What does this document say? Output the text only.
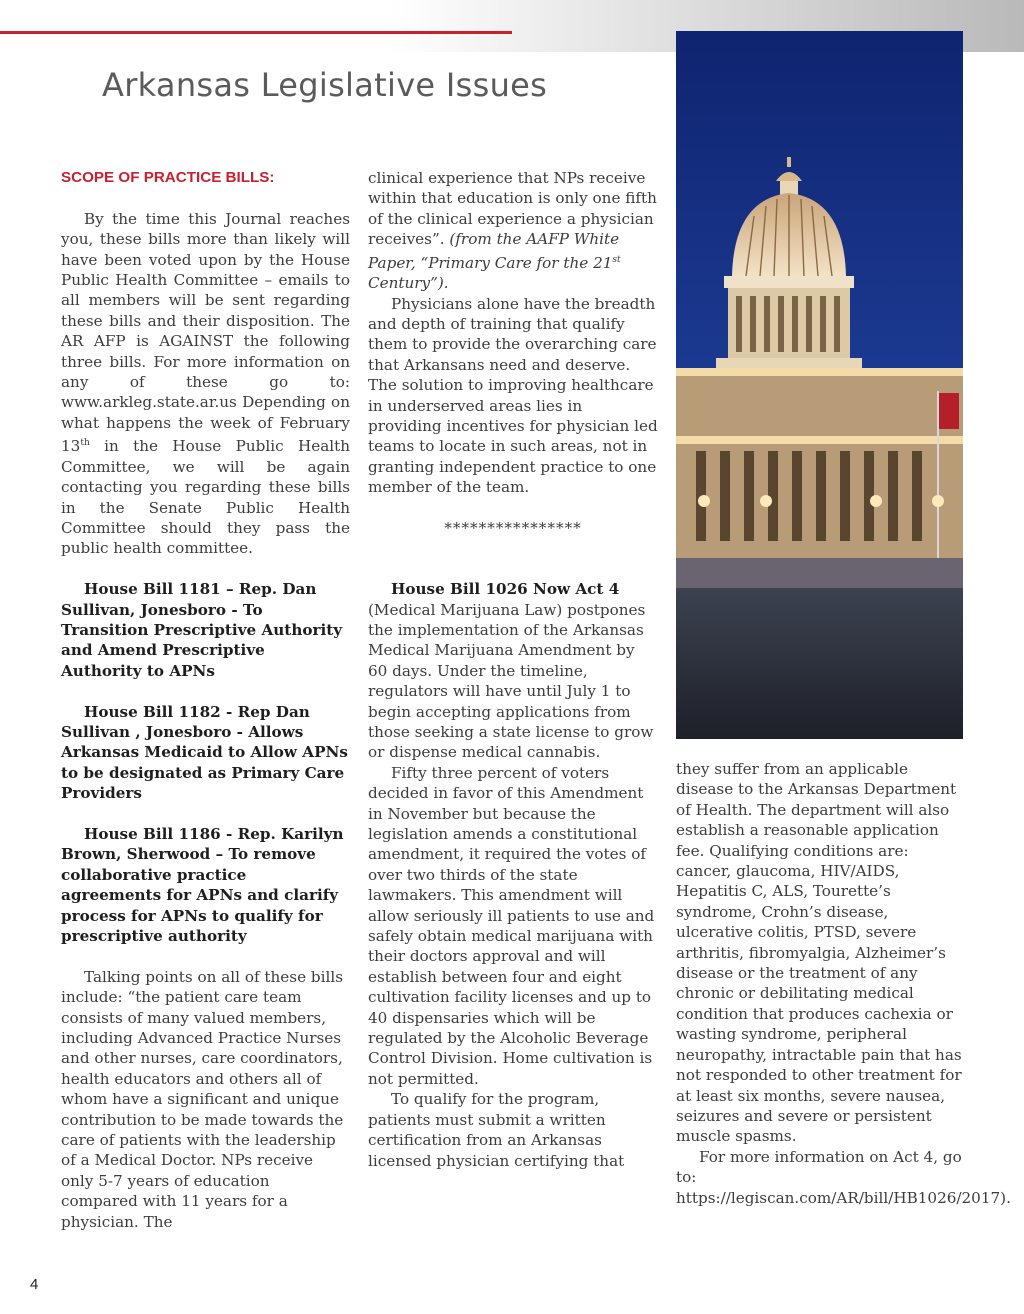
Arkansas Legislative Issues

SCOPE OF PRACTICE BILLS:

By the time this Journal reaches you, these bills more than likely will have been voted upon by the House Public Health Committee – emails to all members will be sent regarding these bills and their disposition. The AR AFP is AGAINST the following three bills. For more information on any of these go to: www.arkleg.state.ar.us Depending on what happens the week of February 13th in the House Public Health Committee, we will be again contacting you regarding these bills in the Senate Public Health Committee should they pass the public health committee.

House Bill 1181 – Rep. Dan Sullivan, Jonesboro - To Transition Prescriptive Authority and Amend Prescriptive Authority to APNs

House Bill 1182 - Rep Dan Sullivan , Jonesboro - Allows Arkansas Medicaid to Allow APNs to be designated as Primary Care Providers

House Bill 1186 - Rep. Karilyn Brown, Sherwood – To remove collaborative practice agreements for APNs and clarify process for APNs to qualify for prescriptive authority

Talking points on all of these bills include: “the patient care team consists of many valued members, including Advanced Practice Nurses and other nurses, care coordinators, health educators and others all of whom have a significant and unique contribution to be made towards the care of patients with the leadership of a Medical Doctor. NPs receive only 5-7 years of education compared with 11 years for a physician. The

clinical experience that NPs receive within that education is only one fifth of the clinical experience a physician receives”. (from the AAFP White Paper, “Primary Care for the 21st Century”).

Physicians alone have the breadth and depth of training that qualify them to provide the overarching care that Arkansans need and deserve. The solution to improving healthcare in underserved areas lies in providing incentives for physician led teams to locate in such areas, not in granting independent practice to one member of the team.

****************

House Bill 1026 Now Act 4 (Medical Marijuana Law) postpones the implementation of the Arkansas Medical Marijuana Amendment by 60 days. Under the timeline, regulators will have until July 1 to begin accepting applications from those seeking a state license to grow or dispense medical cannabis.

Fifty three percent of voters decided in favor of this Amendment in November but because the legislation amends a constitutional amendment, it required the votes of over two thirds of the state lawmakers. This amendment will allow seriously ill patients to use and safely obtain medical marijuana with their doctors approval and will establish between four and eight cultivation facility licenses and up to 40 dispensaries which will be regulated by the Alcoholic Beverage Control Division. Home cultivation is not permitted.

To qualify for the program, patients must submit a written certification from an Arkansas licensed physician certifying that

they suffer from an applicable disease to the Arkansas Department of Health. The department will also establish a reasonable application fee. Qualifying conditions are: cancer, glaucoma, HIV/AIDS, Hepatitis C, ALS, Tourette’s syndrome, Crohn’s disease, ulcerative colitis, PTSD, severe arthritis, fibromyalgia, Alzheimer’s disease or the treatment of any chronic or debilitating medical condition that produces cachexia or wasting syndrome, peripheral neuropathy, intractable pain that has not responded to other treatment for at least six months, severe nausea, seizures and severe or persistent muscle spasms.

For more information on Act 4, go to: https://legiscan.com/AR/bill/HB1026/2017).

4
